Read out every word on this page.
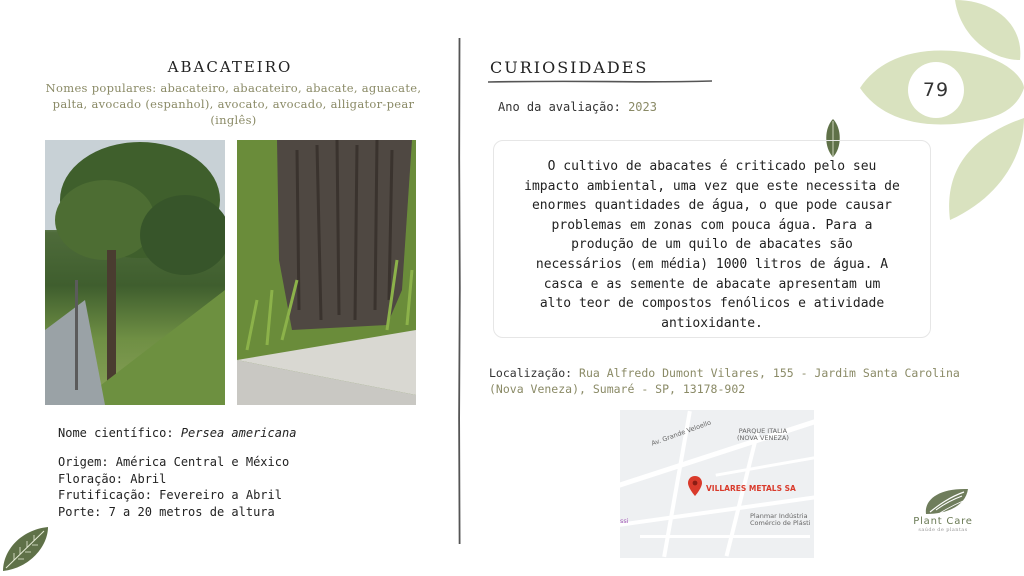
ABACATEIRO
Nomes populares: abacateiro, abacateiro, abacate, aguacate, palta, avocado (espanhol), avocato, avocado, alligator-pear (inglês)
Nome científico: Persea americana
Origem: América Central e México
Floração: Abril
Frutificação: Fevereiro a Abril
Porte: 7 a 20 metros de altura
CURIOSIDADES
Ano da avaliação: 2023
O cultivo de abacates é criticado pelo seu
impacto ambiental, uma vez que este necessita de
enormes quantidades de água, o que pode causar
problemas em zonas com pouca água. Para a
produção de um quilo de abacates são
necessários (em média) 1000 litros de água. A
casca e as semente de abacate apresentam um
alto teor de compostos fenólicos e atividade
antioxidante.
Localização: Rua Alfredo Dumont Vilares, 155 - Jardim Santa Carolina
(Nova Veneza), Sumaré - SP, 13178-902
Av. Grande Veloello	PARQUE ITALIA
(NOVA VENEZA)
Planmar Indústria
Comércio de Plásti
ssi
VILLARES METALS SA
79
Plant Care
saúde de plantas
